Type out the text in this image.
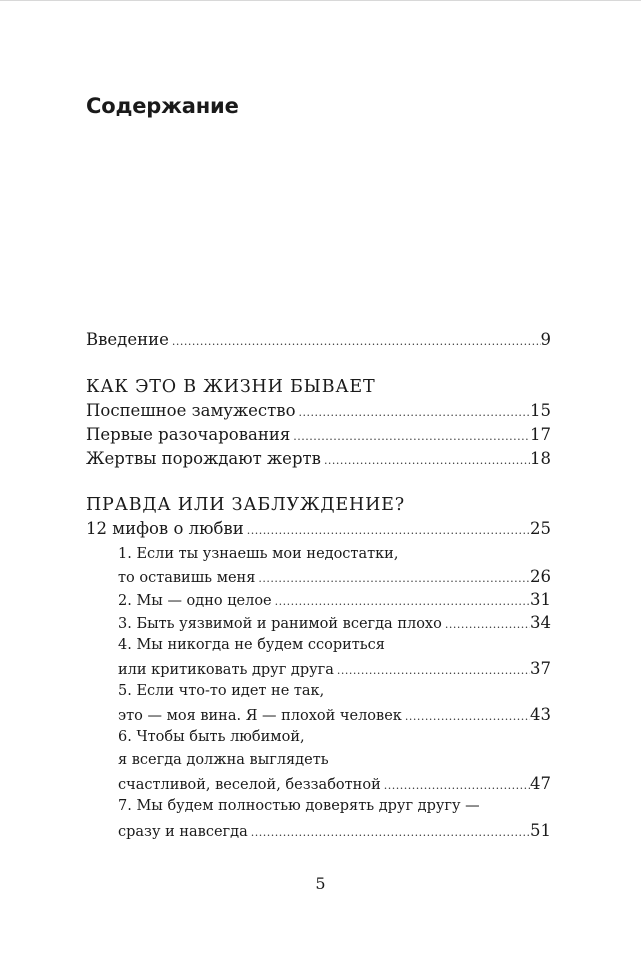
Содержание
Введение .....	9
КАК ЭТО В ЖИЗНИ БЫВАЕТ
Поспешное замужество .....	15
Первые разочарования .....	17
Жертвы порождают жертв .....	18
ПРАВДА ИЛИ ЗАБЛУЖДЕНИЕ?
12 мифов о любви .....	25
1. Если ты узнаешь мои недостатки,
то оставишь меня .....	26
2. Мы — одно целое .....	31
3. Быть уязвимой и ранимой всегда плохо .....	34
4. Мы никогда не будем ссориться
или критиковать друг друга .....	37
5. Если что-то идет не так,
это — моя вина. Я — плохой человек .....	43
6. Чтобы быть любимой,
я всегда должна выглядеть
счастливой, веселой, беззаботной .....	47
7. Мы будем полностью доверять друг другу —
сразу и навсегда .....	51
5
